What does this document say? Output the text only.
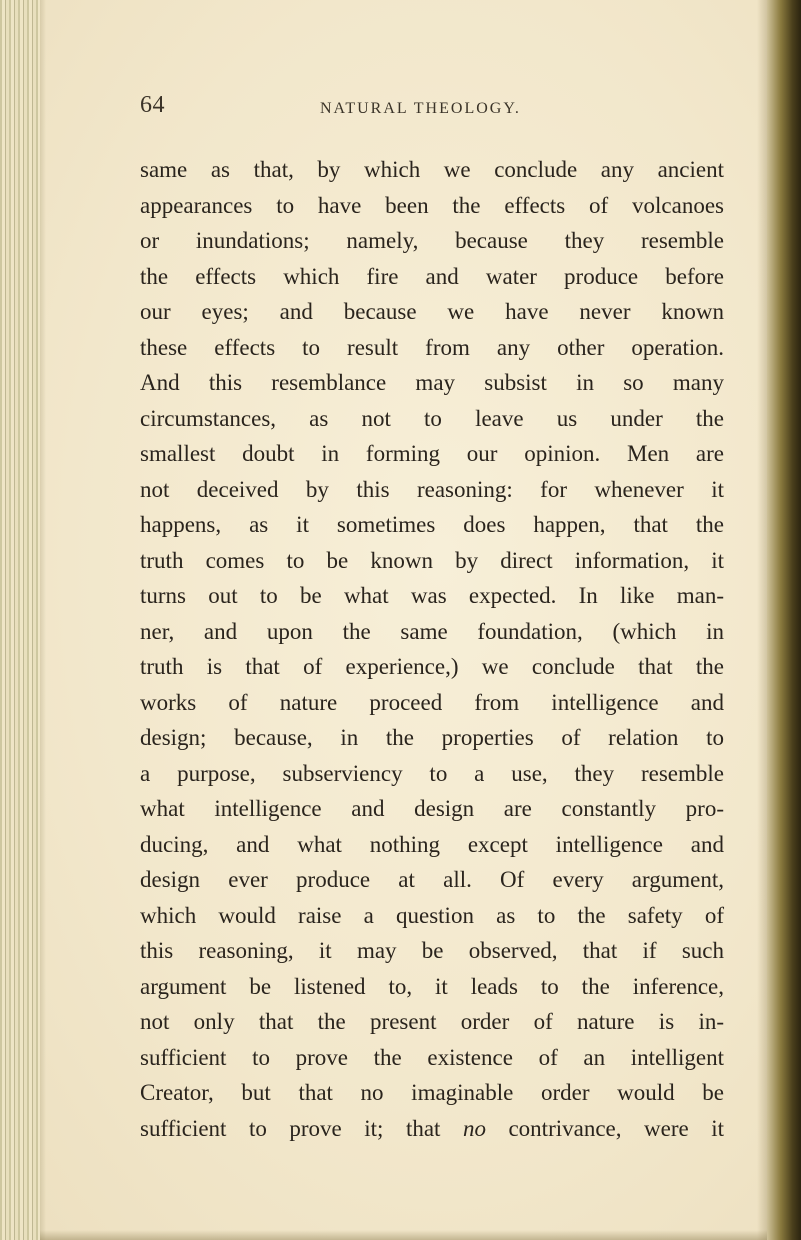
64	NATURAL THEOLOGY.
same as that, by which we conclude any ancient
appearances to have been the effects of volcanoes
or inundations; namely, because they resemble
the effects which fire and water produce before
our eyes; and because we have never known
these effects to result from any other operation.
And this resemblance may subsist in so many
circumstances, as not to leave us under the
smallest doubt in forming our opinion. Men are
not deceived by this reasoning: for whenever it
happens, as it sometimes does happen, that the
truth comes to be known by direct information, it
turns out to be what was expected. In like man-
ner, and upon the same foundation, (which in
truth is that of experience,) we conclude that the
works of nature proceed from intelligence and
design; because, in the properties of relation to
a purpose, subserviency to a use, they resemble
what intelligence and design are constantly pro-
ducing, and what nothing except intelligence and
design ever produce at all. Of every argument,
which would raise a question as to the safety of
this reasoning, it may be observed, that if such
argument be listened to, it leads to the inference,
not only that the present order of nature is in-
sufficient to prove the existence of an intelligent
Creator, but that no imaginable order would be
sufficient to prove it; that no contrivance, were it
